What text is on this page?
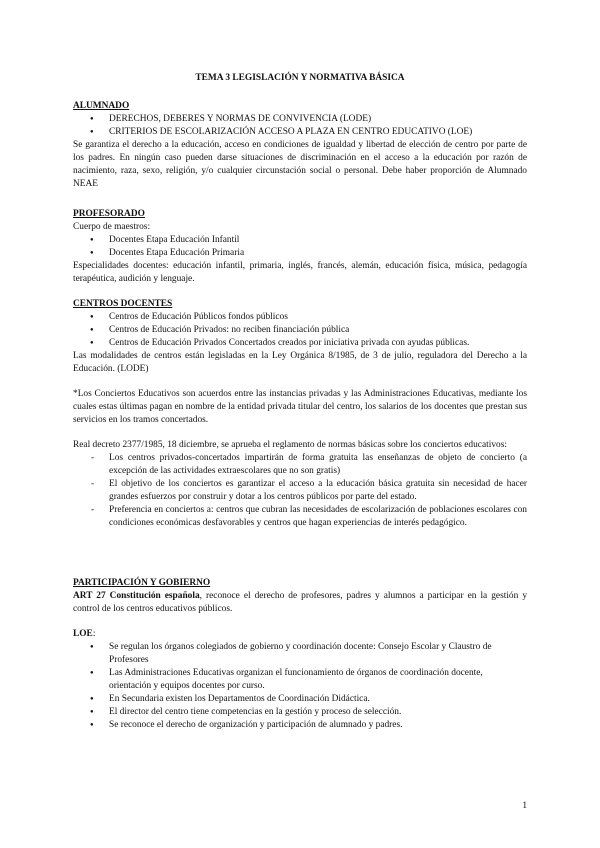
TEMA 3 LEGISLACIÓN Y NORMATIVA BÁSICA
ALUMNADO
● DERECHOS, DEBERES Y NORMAS DE CONVIVENCIA (LODE)
● CRITERIOS DE ESCOLARIZACIÓN ACCESO A PLAZA EN CENTRO EDUCATIVO (LOE)

Se garantiza el derecho a la educación, acceso en condiciones de igualdad y libertad de elección de centro por parte de los padres. En ningún caso pueden darse situaciones de discriminación en el acceso a la educación por razón de nacimiento, raza, sexo, religión, y/o cualquier circunstación social o personal. Debe haber proporción de Alumnado NEAE

PROFESORADO

Cuerpo de maestros:

● Docentes Etapa Educación Infantil
● Docentes Etapa Educación Primaria

Especialidades docentes: educación infantil, primaria, inglés, francés, alemán, educación física, música, pedagogía terapéutica, audición y lenguaje.

CENTROS DOCENTES
● Centros de Educación Públicos fondos públicos
● Centros de Educación Privados: no reciben financiación pública
● Centros de Educación Privados Concertados creados por iniciativa privada con ayudas públicas.

Las modalidades de centros están legisladas en la Ley Orgánica 8/1985, de 3 de julio, reguladora del Derecho a la Educación. (LODE)

*Los Conciertos Educativos son acuerdos entre las instancias privadas y las Administraciones Educativas, mediante los cuales estas últimas pagan en nombre de la entidad privada titular del centro, los salarios de los docentes que prestan sus servicios en los tramos concertados.

Real decreto 2377/1985, 18 diciembre, se aprueba el reglamento de normas básicas sobre los conciertos educativos:

- Los centros privados-concertados impartirán de forma gratuita las enseñanzas de objeto de concierto (a excepción de las actividades extraescolares que no son gratis)
- El objetivo de los conciertos es garantizar el acceso a la educación básica gratuita sin necesidad de hacer grandes esfuerzos por construir y dotar a los centros públicos por parte del estado.
- Preferencia en conciertos a: centros que cubran las necesidades de escolarización de poblaciones escolares con condiciones económicas desfavorables y centros que hagan experiencias de interés pedagógico.
PARTICIPACIÓN Y GOBIERNO

ART 27 Constitución española, reconoce el derecho de profesores, padres y alumnos a participar en la gestión y control de los centros educativos públicos.

LOE:

● Se regulan los órganos colegiados de gobierno y coordinación docente: Consejo Escolar y Claustro de Profesores
● Las Administraciones Educativas organizan el funcionamiento de órganos de coordinación docente, orientación y equipos docentes por curso.
● En Secundaria existen los Departamentos de Coordinación Didáctica.
● El director del centro tiene competencias en la gestión y proceso de selección.
● Se reconoce el derecho de organización y participación de alumnado y padres.
1
